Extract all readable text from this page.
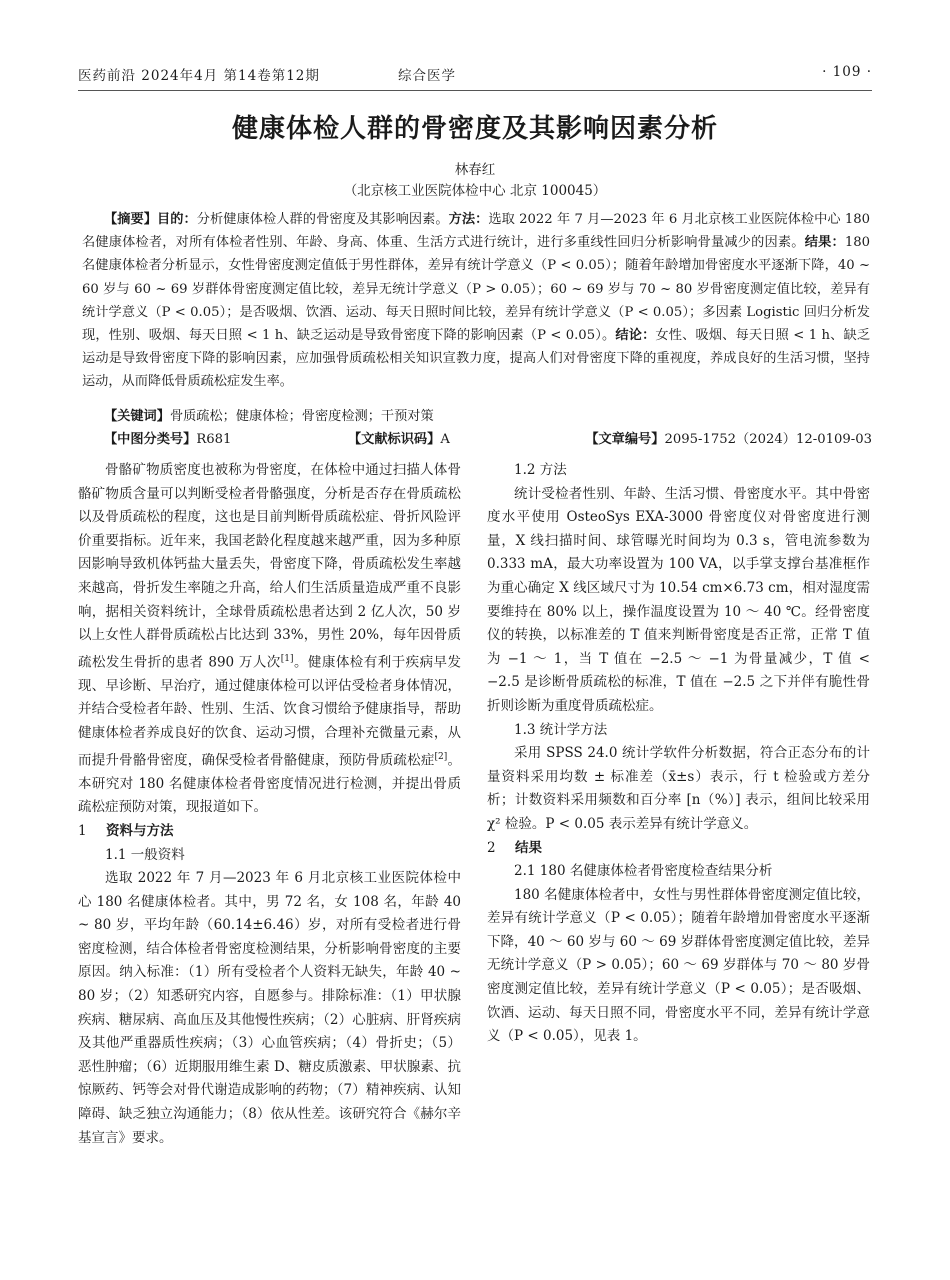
医药前沿 2024年4月 第14卷第12期	综合医学	· 109 ·
健康体检人群的骨密度及其影响因素分析
林春红
（北京核工业医院体检中心 北京 100045）
【摘要】目的：分析健康体检人群的骨密度及其影响因素。方法：选取 2022 年 7 月—2023 年 6 月北京核工业医院体检中心 180 名健康体检者，对所有体检者性别、年龄、身高、体重、生活方式进行统计，进行多重线性回归分析影响骨量减少的因素。结果：180 名健康体检者分析显示，女性骨密度测定值低于男性群体，差异有统计学意义（P < 0.05）；随着年龄增加骨密度水平逐渐下降，40 ~ 60 岁与 60 ~ 69 岁群体骨密度测定值比较，差异无统计学意义（P > 0.05）；60 ~ 69 岁与 70 ~ 80 岁骨密度测定值比较，差异有统计学意义（P < 0.05）；是否吸烟、饮酒、运动、每天日照时间比较，差异有统计学意义（P < 0.05）；多因素 Logistic 回归分析发现，性别、吸烟、每天日照 < 1 h、缺乏运动是导致骨密度下降的影响因素（P < 0.05）。结论：女性、吸烟、每天日照 < 1 h、缺乏运动是导致骨密度下降的影响因素，应加强骨质疏松相关知识宣教力度，提高人们对骨密度下降的重视度，养成良好的生活习惯，坚持运动，从而降低骨质疏松症发生率。
【关键词】骨质疏松；健康体检；骨密度检测；干预对策
【中图分类号】R681	【文献标识码】A	【文章编号】2095-1752（2024）12-0109-03

骨骼矿物质密度也被称为骨密度，在体检中通过扫描人体骨骼矿物质含量可以判断受检者骨骼强度，分析是否存在骨质疏松以及骨质疏松的程度，这也是目前判断骨质疏松症、骨折风险评价重要指标。近年来，我国老龄化程度越来越严重，因为多种原因影响导致机体钙盐大量丢失，骨密度下降，骨质疏松发生率越来越高，骨折发生率随之升高，给人们生活质量造成严重不良影响，据相关资料统计，全球骨质疏松患者达到 2 亿人次，50 岁以上女性人群骨质疏松占比达到 33%，男性 20%，每年因骨质疏松发生骨折的患者 890 万人次[1]。健康体检有利于疾病早发现、早诊断、早治疗，通过健康体检可以评估受检者身体情况，并结合受检者年龄、性别、生活、饮食习惯给予健康指导，帮助健康体检者养成良好的饮食、运动习惯，合理补充微量元素，从而提升骨骼骨密度，确保受检者骨骼健康，预防骨质疏松症[2]。本研究对 180 名健康体检者骨密度情况进行检测，并提出骨质疏松症预防对策，现报道如下。

1 资料与方法

1.1 一般资料

选取 2022 年 7 月—2023 年 6 月北京核工业医院体检中心 180 名健康体检者。其中，男 72 名，女 108 名，年龄 40 ~ 80 岁，平均年龄（60.14±6.46）岁，对所有受检者进行骨密度检测，结合体检者骨密度检测结果，分析影响骨密度的主要原因。纳入标准：（1）所有受检者个人资料无缺失，年龄 40 ~ 80 岁；（2）知悉研究内容，自愿参与。排除标准：（1）甲状腺疾病、糖尿病、高血压及其他慢性疾病；（2）心脏病、肝肾疾病及其他严重器质性疾病；（3）心血管疾病；（4）骨折史；（5）恶性肿瘤；（6）近期服用维生素 D、糖皮质激素、甲状腺素、抗惊厥药、钙等会对骨代谢造成影响的药物；（7）精神疾病、认知障碍、缺乏独立沟通能力；（8）依从性差。该研究符合《赫尔辛基宣言》要求。

1.2 方法

统计受检者性别、年龄、生活习惯、骨密度水平。其中骨密度水平使用 OsteoSys EXA-3000 骨密度仪对骨密度进行测量，X 线扫描时间、球管曝光时间均为 0.3 s，管电流参数为 0.333 mA，最大功率设置为 100 VA，以手掌支撑台基准框作为重心确定 X 线区域尺寸为 10.54 cm×6.73 cm，相对湿度需要维持在 80% 以上，操作温度设置为 10 ～ 40 ℃。经骨密度仪的转换，以标准差的 T 值来判断骨密度是否正常，正常 T 值为 −1 ～ 1，当 T 值在 −2.5 ～ −1 为骨量减少，T 值 < −2.5 是诊断骨质疏松的标准，T 值在 −2.5 之下并伴有脆性骨折则诊断为重度骨质疏松症。

1.3 统计学方法

采用 SPSS 24.0 统计学软件分析数据，符合正态分布的计量资料采用均数 ± 标准差（x̄±s）表示，行 t 检验或方差分析；计数资料采用频数和百分率 [n（%）] 表示，组间比较采用 χ² 检验。P < 0.05 表示差异有统计学意义。

2 结果

2.1 180 名健康体检者骨密度检查结果分析

180 名健康体检者中，女性与男性群体骨密度测定值比较，差异有统计学意义（P < 0.05）；随着年龄增加骨密度水平逐渐下降，40 ～ 60 岁与 60 ～ 69 岁群体骨密度测定值比较，差异无统计学意义（P > 0.05）；60 ～ 69 岁群体与 70 ～ 80 岁骨密度测定值比较，差异有统计学意义（P < 0.05）；是否吸烟、饮酒、运动、每天日照不同，骨密度水平不同，差异有统计学意义（P < 0.05），见表 1。
